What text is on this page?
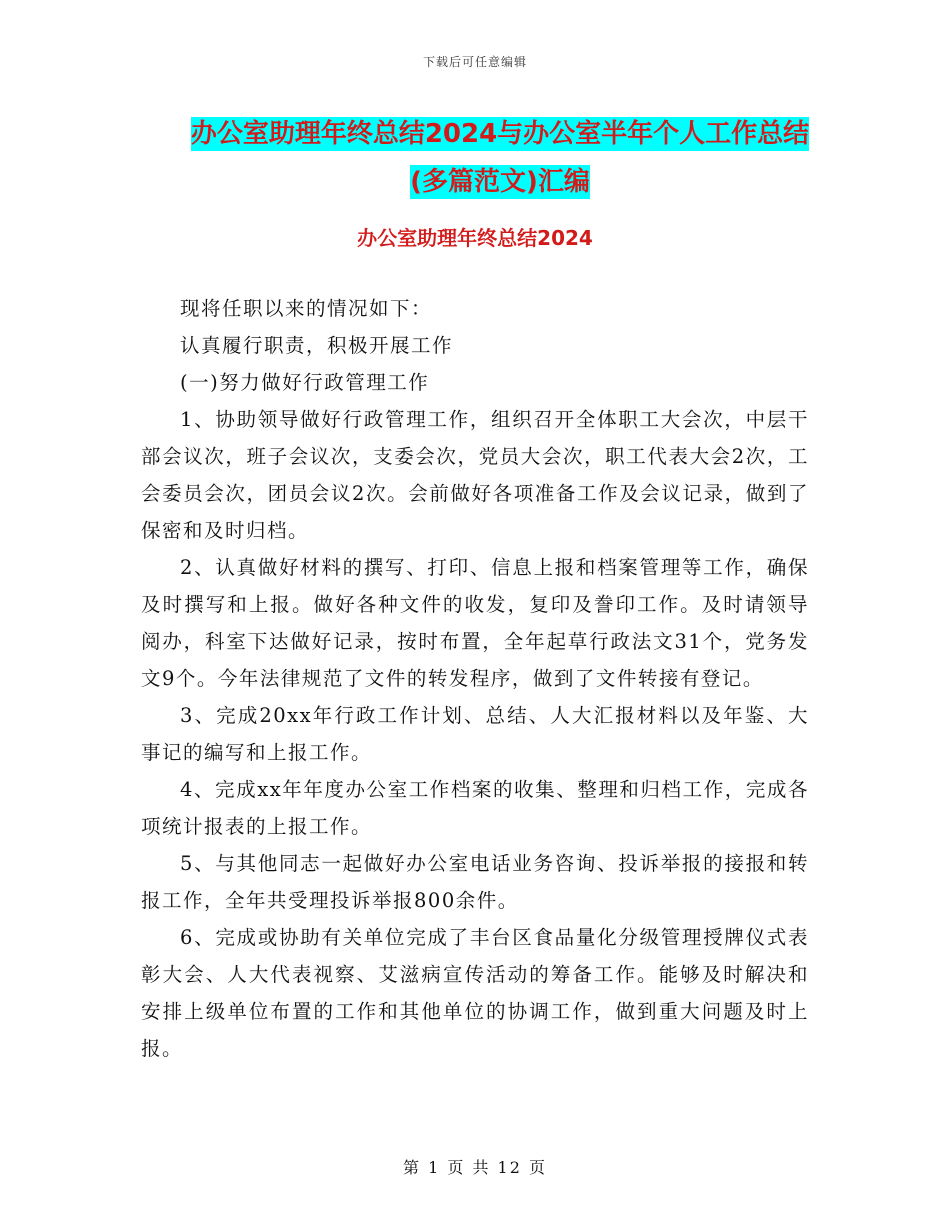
下载后可任意编辑
办公室助理年终总结2024与办公室半年个人工作总结
(多篇范文)汇编
办公室助理年终总结2024

现将任职以来的情况如下：

认真履行职责，积极开展工作

(一)努力做好行政管理工作

1、协助领导做好行政管理工作，组织召开全体职工大会次，中层干部会议次，班子会议次，支委会次，党员大会次，职工代表大会2次，工会委员会次，团员会议2次。会前做好各项准备工作及会议记录，做到了保密和及时归档。

2、认真做好材料的撰写、打印、信息上报和档案管理等工作，确保及时撰写和上报。做好各种文件的收发，复印及誊印工作。及时请领导阅办，科室下达做好记录，按时布置，全年起草行政法文31个，党务发文9个。今年法律规范了文件的转发程序，做到了文件转接有登记。

3、完成20xx年行政工作计划、总结、人大汇报材料以及年鉴、大事记的编写和上报工作。

4、完成xx年年度办公室工作档案的收集、整理和归档工作，完成各项统计报表的上报工作。

5、与其他同志一起做好办公室电话业务咨询、投诉举报的接报和转报工作，全年共受理投诉举报800余件。

6、完成或协助有关单位完成了丰台区食品量化分级管理授牌仪式表彰大会、人大代表视察、艾滋病宣传活动的筹备工作。能够及时解决和安排上级单位布置的工作和其他单位的协调工作，做到重大问题及时上报。

第 1 页 共 12 页
